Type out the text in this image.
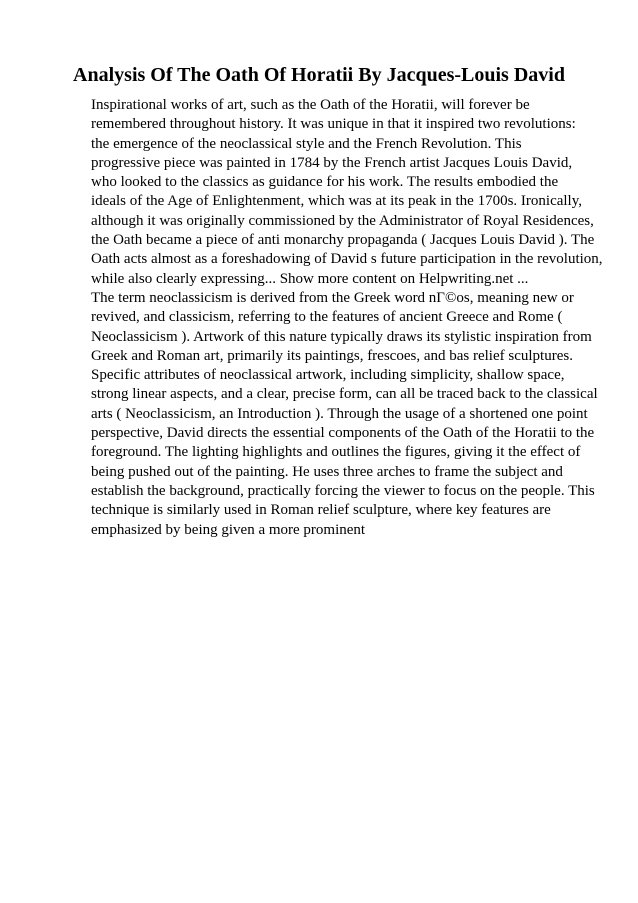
Analysis Of The Oath Of Horatii By Jacques-Louis David
Inspirational works of art, such as the Oath of the Horatii, will forever be
remembered throughout history. It was unique in that it inspired two revolutions:
the emergence of the neoclassical style and the French Revolution. This
progressive piece was painted in 1784 by the French artist Jacques Louis David,
who looked to the classics as guidance for his work. The results embodied the
ideals of the Age of Enlightenment, which was at its peak in the 1700s. Ironically,
although it was originally commissioned by the Administrator of Royal Residences,
the Oath became a piece of anti monarchy propaganda ( Jacques Louis David ). The
Oath acts almost as a foreshadowing of David s future participation in the revolution,
while also clearly expressing... Show more content on Helpwriting.net ...
The term neoclassicism is derived from the Greek word nГ©os, meaning new or
revived, and classicism, referring to the features of ancient Greece and Rome (
Neoclassicism ). Artwork of this nature typically draws its stylistic inspiration from
Greek and Roman art, primarily its paintings, frescoes, and bas relief sculptures.
Specific attributes of neoclassical artwork, including simplicity, shallow space,
strong linear aspects, and a clear, precise form, can all be traced back to the classical
arts ( Neoclassicism, an Introduction ). Through the usage of a shortened one point
perspective, David directs the essential components of the Oath of the Horatii to the
foreground. The lighting highlights and outlines the figures, giving it the effect of
being pushed out of the painting. He uses three arches to frame the subject and
establish the background, practically forcing the viewer to focus on the people. This
technique is similarly used in Roman relief sculpture, where key features are
emphasized by being given a more prominent
